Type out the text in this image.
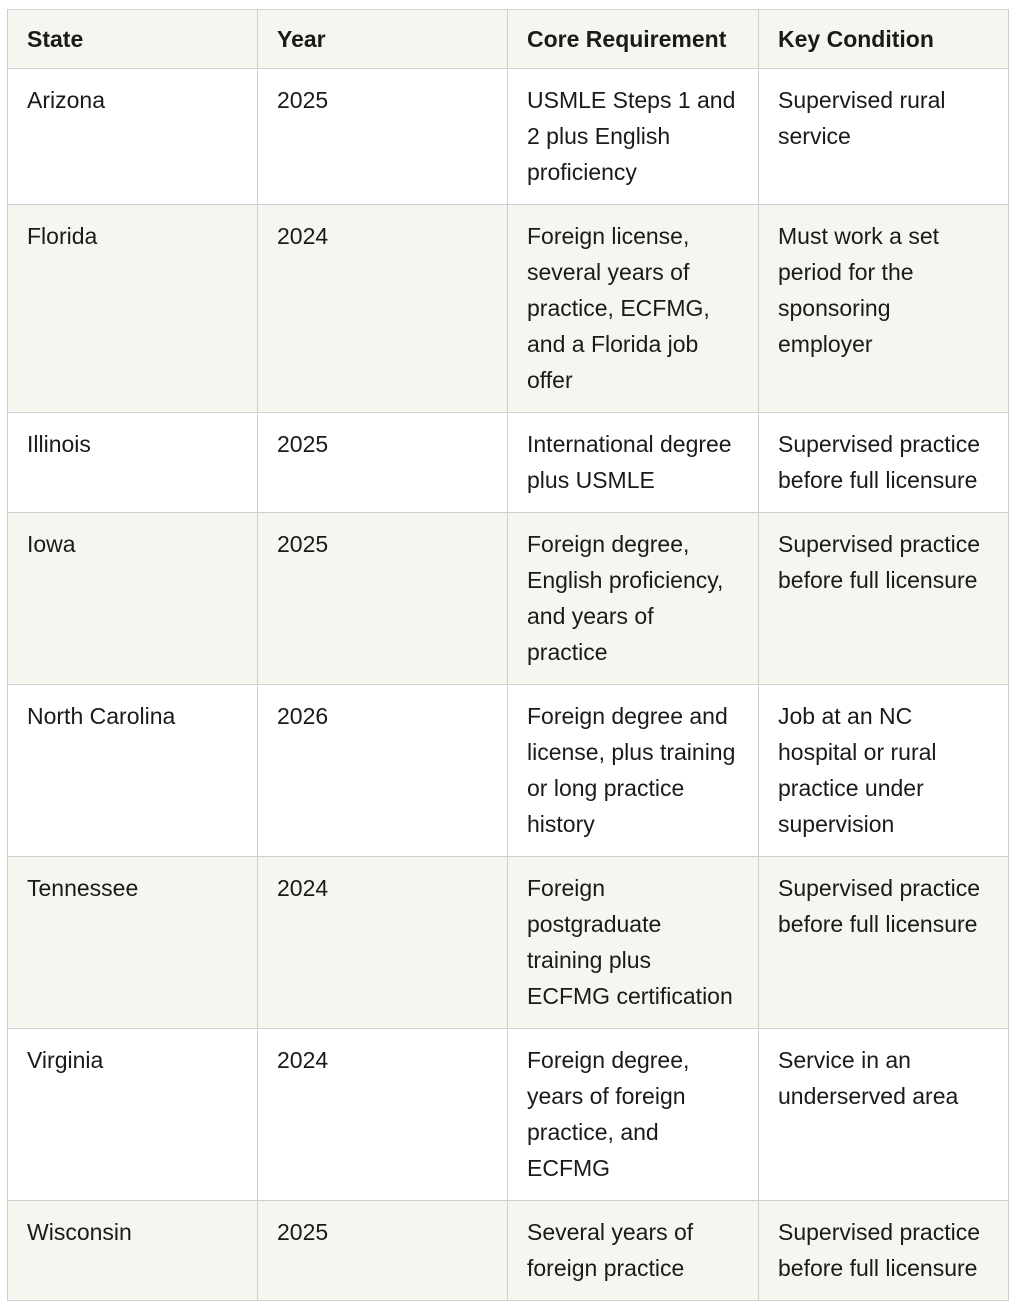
State	Year	Core Requirement	Key Condition
Arizona	2025	USMLE Steps 1 and 2 plus English proficiency	Supervised rural service
Florida	2024	Foreign license, several years of practice, ECFMG, and a Florida job offer	Must work a set period for the sponsoring employer
Illinois	2025	International degree plus USMLE	Supervised practice before full licensure
Iowa	2025	Foreign degree, English proficiency, and years of practice	Supervised practice before full licensure
North Carolina	2026	Foreign degree and license, plus training or long practice history	Job at an NC hospital or rural practice under supervision
Tennessee	2024	Foreign postgraduate training plus ECFMG certification	Supervised practice before full licensure
Virginia	2024	Foreign degree, years of foreign practice, and ECFMG	Service in an underserved area
Wisconsin	2025	Several years of foreign practice	Supervised practice before full licensure
